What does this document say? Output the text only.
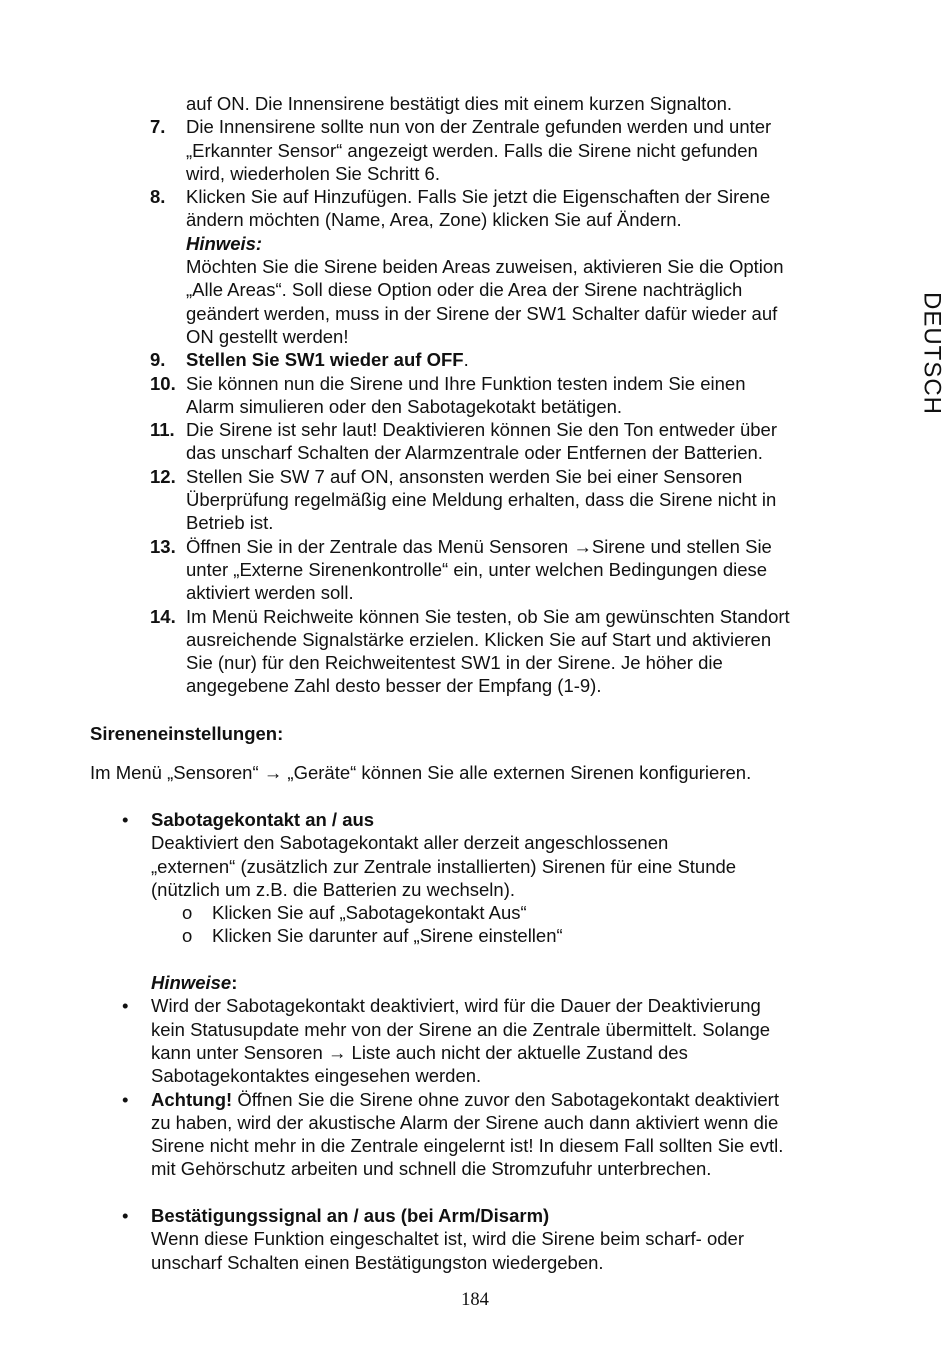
DEUTSCH
auf ON. Die Innensirene bestätigt dies mit einem kurzen Signalton.
7. Die Innensirene sollte nun von der Zentrale gefunden werden und unter
„Erkannter Sensor“ angezeigt werden. Falls die Sirene nicht gefunden
wird, wiederholen Sie Schritt 6.
8. Klicken Sie auf Hinzufügen. Falls Sie jetzt die Eigenschaften der Sirene
ändern möchten (Name, Area, Zone) klicken Sie auf Ändern.
Hinweis:
Möchten Sie die Sirene beiden Areas zuweisen, aktivieren Sie die Option
„Alle Areas“. Soll diese Option oder die Area der Sirene nachträglich
geändert werden, muss in der Sirene der SW1 Schalter dafür wieder auf
ON gestellt werden!
9. Stellen Sie SW1 wieder auf OFF.
10. Sie können nun die Sirene und Ihre Funktion testen indem Sie einen
Alarm simulieren oder den Sabotagekotakt betätigen.
11. Die Sirene ist sehr laut! Deaktivieren können Sie den Ton entweder über
das unscharf Schalten der Alarmzentrale oder Entfernen der Batterien.
12. Stellen Sie SW 7 auf ON, ansonsten werden Sie bei einer Sensoren
Überprüfung regelmäßig eine Meldung erhalten, dass die Sirene nicht in
Betrieb ist.
13. Öffnen Sie in der Zentrale das Menü Sensoren →Sirene und stellen Sie
unter „Externe Sirenenkontrolle“ ein, unter welchen Bedingungen diese
aktiviert werden soll.
14. Im Menü Reichweite können Sie testen, ob Sie am gewünschten Standort
ausreichende Signalstärke erzielen. Klicken Sie auf Start und aktivieren
Sie (nur) für den Reichweitentest SW1 in der Sirene. Je höher die
angegebene Zahl desto besser der Empfang (1-9).
Sireneneinstellungen:
Im Menü „Sensoren“ → „Geräte“ können Sie alle externen Sirenen konfigurieren.
• Sabotagekontakt an / aus
Deaktiviert den Sabotagekontakt aller derzeit angeschlossenen
„externen“ (zusätzlich zur Zentrale installierten) Sirenen für eine Stunde
(nützlich um z.B. die Batterien zu wechseln).
o Klicken Sie auf „Sabotagekontakt Aus“
o Klicken Sie darunter auf „Sirene einstellen“
Hinweise:
• Wird der Sabotagekontakt deaktiviert, wird für die Dauer der Deaktivierung
kein Statusupdate mehr von der Sirene an die Zentrale übermittelt. Solange
kann unter Sensoren → Liste auch nicht der aktuelle Zustand des
Sabotagekontaktes eingesehen werden.
• Achtung! Öffnen Sie die Sirene ohne zuvor den Sabotagekontakt deaktiviert
zu haben, wird der akustische Alarm der Sirene auch dann aktiviert wenn die
Sirene nicht mehr in die Zentrale eingelernt ist! In diesem Fall sollten Sie evtl.
mit Gehörschutz arbeiten und schnell die Stromzufuhr unterbrechen.
• Bestätigungssignal an / aus (bei Arm/Disarm)
Wenn diese Funktion eingeschaltet ist, wird die Sirene beim scharf- oder
unscharf Schalten einen Bestätigungston wiedergeben.
184
